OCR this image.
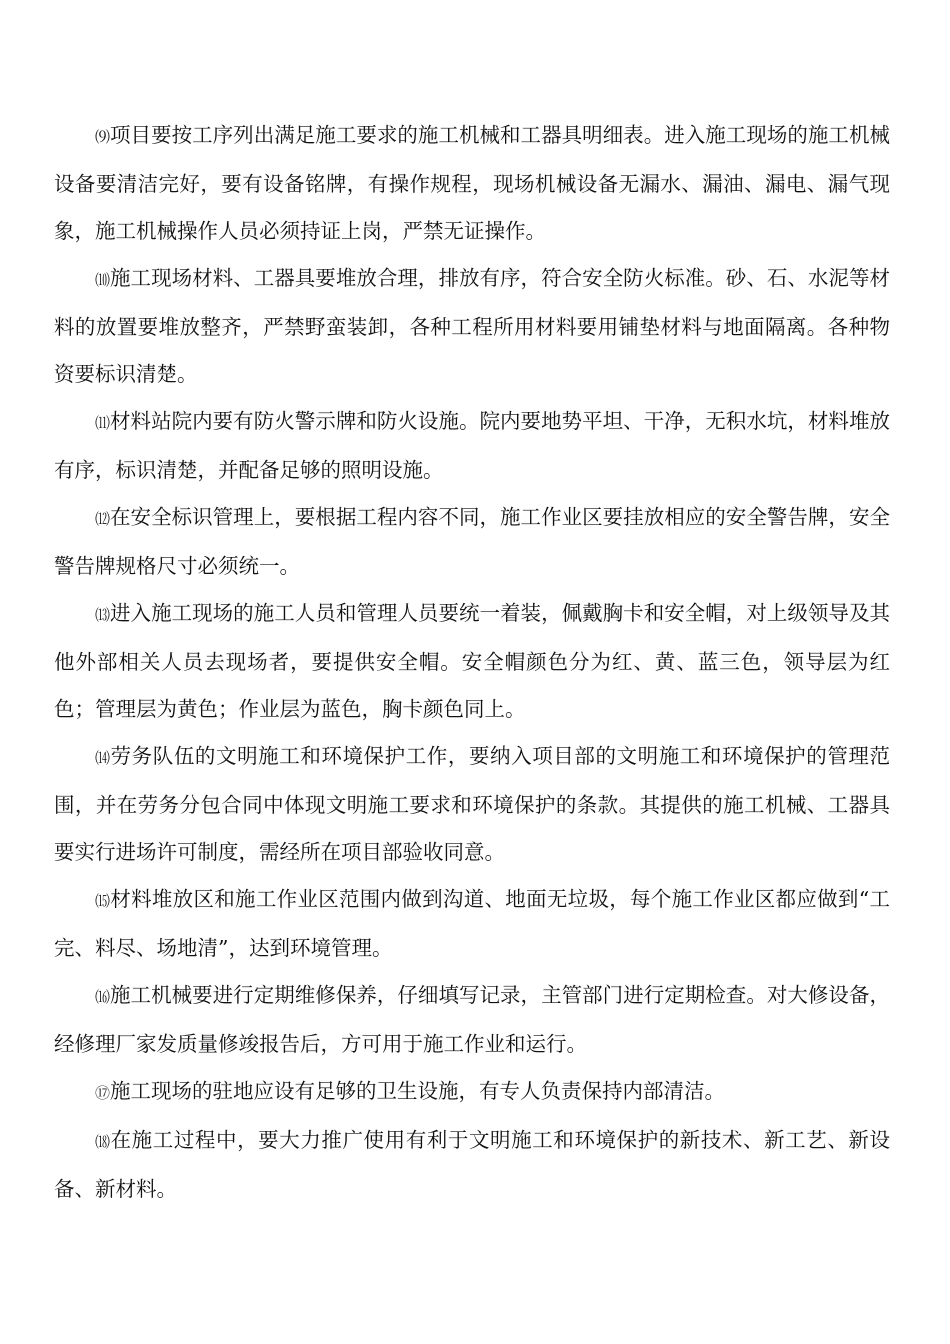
⑼项目要按工序列出满足施工要求的施工机械和工器具明细表。进入施工现场的施工机械设备要清洁完好，要有设备铭牌，有操作规程，现场机械设备无漏水、漏油、漏电、漏气现象，施工机械操作人员必须持证上岗，严禁无证操作。

⑽施工现场材料、工器具要堆放合理，排放有序，符合安全防火标准。砂、石、水泥等材料的放置要堆放整齐，严禁野蛮装卸，各种工程所用材料要用铺垫材料与地面隔离。各种物资要标识清楚。

⑾材料站院内要有防火警示牌和防火设施。院内要地势平坦、干净，无积水坑，材料堆放有序，标识清楚，并配备足够的照明设施。

⑿在安全标识管理上，要根据工程内容不同，施工作业区要挂放相应的安全警告牌，安全警告牌规格尺寸必须统一。

⒀进入施工现场的施工人员和管理人员要统一着装，佩戴胸卡和安全帽，对上级领导及其他外部相关人员去现场者，要提供安全帽。安全帽颜色分为红、黄、蓝三色，领导层为红色；管理层为黄色；作业层为蓝色，胸卡颜色同上。

⒁劳务队伍的文明施工和环境保护工作，要纳入项目部的文明施工和环境保护的管理范围，并在劳务分包合同中体现文明施工要求和环境保护的条款。其提供的施工机械、工器具要实行进场许可制度，需经所在项目部验收同意。

⒂材料堆放区和施工作业区范围内做到沟道、地面无垃圾，每个施工作业区都应做到“工完、料尽、场地清”，达到环境管理。

⒃施工机械要进行定期维修保养，仔细填写记录，主管部门进行定期检查。对大修设备，经修理厂家发质量修竣报告后，方可用于施工作业和运行。

⑰施工现场的驻地应设有足够的卫生设施，有专人负责保持内部清洁。

⒅在施工过程中，要大力推广使用有利于文明施工和环境保护的新技术、新工艺、新设备、新材料。
